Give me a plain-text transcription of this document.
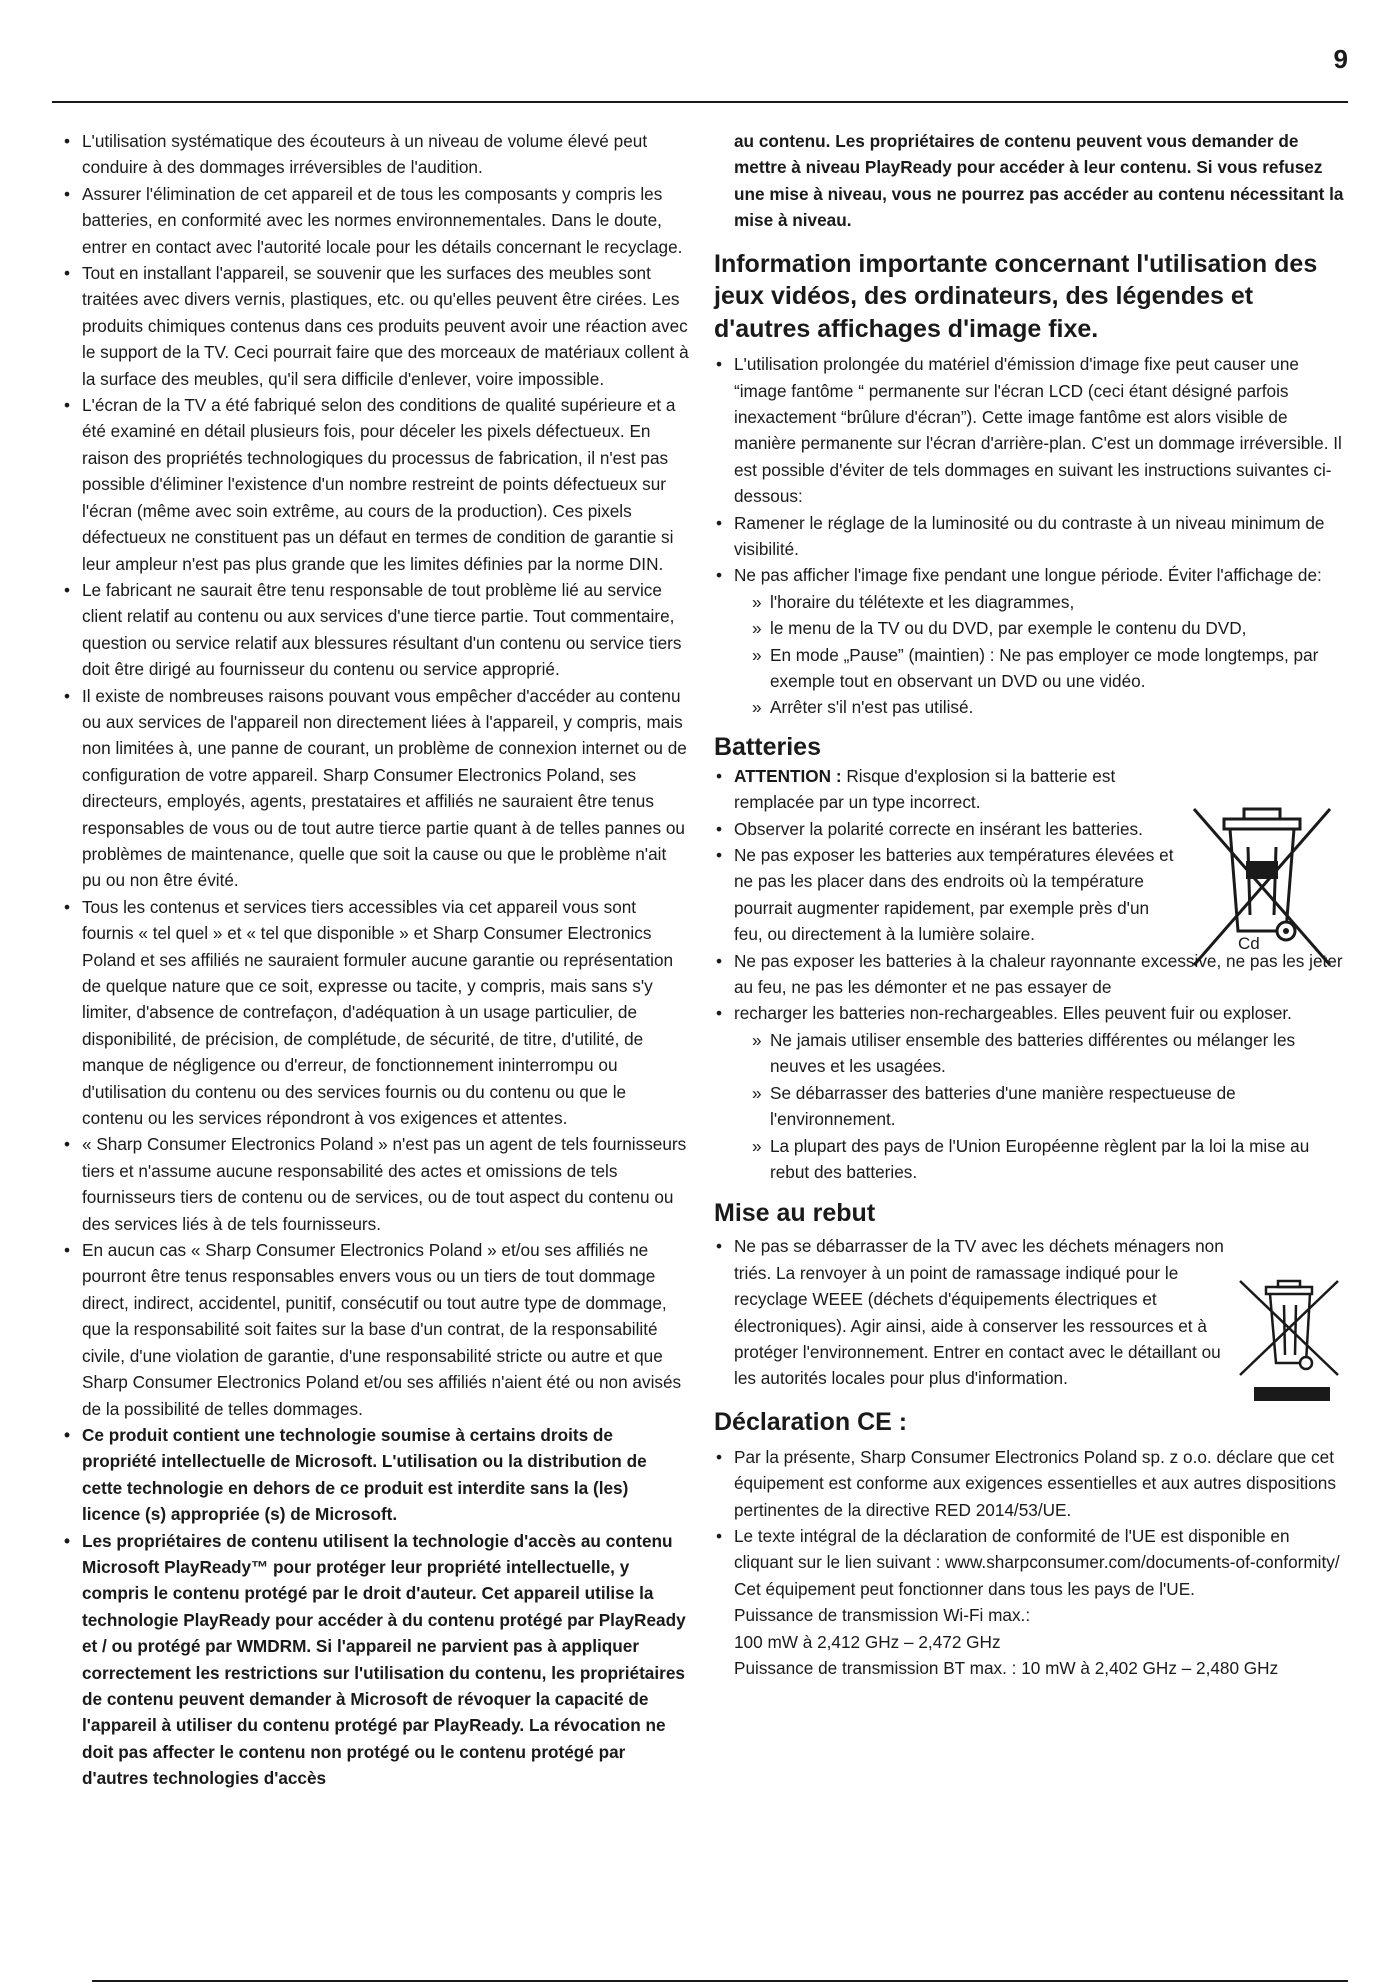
9
• L'utilisation systématique des écouteurs à un niveau de volume élevé peut conduire à des dommages irréversibles de l'audition.
• Assurer l'élimination de cet appareil et de tous les composants y compris les batteries, en conformité avec les normes environnementales. Dans le doute, entrer en contact avec l'autorité locale pour les détails concernant le recyclage.
• Tout en installant l'appareil, se souvenir que les surfaces des meubles sont traitées avec divers vernis, plastiques, etc. ou qu'elles peuvent être cirées. Les produits chimiques contenus dans ces produits peuvent avoir une réaction avec le support de la TV. Ceci pourrait faire que des morceaux de matériaux collent à la surface des meubles, qu'il sera difficile d'enlever, voire impossible.
• L'écran de la TV a été fabriqué selon des conditions de qualité supérieure et a été examiné en détail plusieurs fois, pour déceler les pixels défectueux. En raison des propriétés technologiques du processus de fabrication, il n'est pas possible d'éliminer l'existence d'un nombre restreint de points défectueux sur l'écran (même avec soin extrême, au cours de la production). Ces pixels défectueux ne constituent pas un défaut en termes de condition de garantie si leur ampleur n'est pas plus grande que les limites définies par la norme DIN.
• Le fabricant ne saurait être tenu responsable de tout problème lié au service client relatif au contenu ou aux services d'une tierce partie. Tout commentaire, question ou service relatif aux blessures résultant d'un contenu ou service tiers doit être dirigé au fournisseur du contenu ou service approprié.
• Il existe de nombreuses raisons pouvant vous empêcher d'accéder au contenu ou aux services de l'appareil non directement liées à l'appareil, y compris, mais non limitées à, une panne de courant, un problème de connexion internet ou de configuration de votre appareil. Sharp Consumer Electronics Poland, ses directeurs, employés, agents, prestataires et affiliés ne sauraient être tenus responsables de vous ou de tout autre tierce partie quant à de telles pannes ou problèmes de maintenance, quelle que soit la cause ou que le problème n'ait pu ou non être évité.
• Tous les contenus et services tiers accessibles via cet appareil vous sont fournis « tel quel » et « tel que disponible » et Sharp Consumer Electronics Poland et ses affiliés ne sauraient formuler aucune garantie ou représentation de quelque nature que ce soit, expresse ou tacite, y compris, mais sans s'y limiter, d'absence de contrefaçon, d'adéquation à un usage particulier, de disponibilité, de précision, de complétude, de sécurité, de titre, d'utilité, de manque de négligence ou d'erreur, de fonctionnement ininterrompu ou d'utilisation du contenu ou des services fournis ou du contenu ou que le contenu ou les services répondront à vos exigences et attentes.
• « Sharp Consumer Electronics Poland » n'est pas un agent de tels fournisseurs tiers et n'assume aucune responsabilité des actes et omissions de tels fournisseurs tiers de contenu ou de services, ou de tout aspect du contenu ou des services liés à de tels fournisseurs.
• En aucun cas « Sharp Consumer Electronics Poland » et/ou ses affiliés ne pourront être tenus responsables envers vous ou un tiers de tout dommage direct, indirect, accidentel, punitif, consécutif ou tout autre type de dommage, que la responsabilité soit faites sur la base d'un contrat, de la responsabilité civile, d'une violation de garantie, d'une responsabilité stricte ou autre et que Sharp Consumer Electronics Poland et/ou ses affiliés n'aient été ou non avisés de la possibilité de telles dommages.
• Ce produit contient une technologie soumise à certains droits de propriété intellectuelle de Microsoft. L'utilisation ou la distribution de cette technologie en dehors de ce produit est interdite sans la (les) licence (s) appropriée (s) de Microsoft.
• Les propriétaires de contenu utilisent la technologie d'accès au contenu Microsoft PlayReady™ pour protéger leur propriété intellectuelle, y compris le contenu protégé par le droit d'auteur. Cet appareil utilise la technologie PlayReady pour accéder à du contenu protégé par PlayReady et / ou protégé par WMDRM. Si l'appareil ne parvient pas à appliquer correctement les restrictions sur l'utilisation du contenu, les propriétaires de contenu peuvent demander à Microsoft de révoquer la capacité de l'appareil à utiliser du contenu protégé par PlayReady. La révocation ne doit pas affecter le contenu non protégé ou le contenu protégé par d'autres technologies d'accès

au contenu. Les propriétaires de contenu peuvent vous demander de mettre à niveau PlayReady pour accéder à leur contenu. Si vous refusez une mise à niveau, vous ne pourrez pas accéder au contenu nécessitant la mise à niveau.

Information importante concernant l'utilisation des jeux vidéos, des ordinateurs, des légendes et d'autres affichages d'image fixe.
• L'utilisation prolongée du matériel d'émission d'image fixe peut causer une “image fantôme “ permanente sur l'écran LCD (ceci étant désigné parfois inexactement “brûlure d'écran”). Cette image fantôme est alors visible de manière permanente sur l'écran d'arrière-plan. C'est un dommage irréversible. Il est possible d'éviter de tels dommages en suivant les instructions suivantes ci-dessous:
• Ramener le réglage de la luminosité ou du contraste à un niveau minimum de visibilité.
• Ne pas afficher l'image fixe pendant une longue période. Éviter l'affichage de:
» l'horaire du télétexte et les diagrammes,
» le menu de la TV ou du DVD, par exemple le contenu du DVD,
» En mode „Pause” (maintien) : Ne pas employer ce mode longtemps, par exemple tout en observant un DVD ou une vidéo.
» Arrêter s'il n'est pas utilisé.
Batteries
• ATTENTION : Risque d'explosion si la batterie est remplacée par un type incorrect.
• Observer la polarité correcte en insérant les batteries.
• Ne pas exposer les batteries aux températures élevées et ne pas les placer dans des endroits où la température pourrait augmenter rapidement, par exemple près d'un feu, ou directement à la lumière solaire.
• Ne pas exposer les batteries à la chaleur rayonnante excessive, ne pas les jeter au feu, ne pas les démonter et ne pas essayer de
• recharger les batteries non-rechargeables. Elles peuvent fuir ou exploser.
» Ne jamais utiliser ensemble des batteries différentes ou mélanger les neuves et les usagées.
» Se débarrasser des batteries d'une manière respectueuse de l'environnement.
» La plupart des pays de l'Union Européenne règlent par la loi la mise au rebut des batteries.
Cd
Mise au rebut
• Ne pas se débarrasser de la TV avec les déchets ménagers non triés. La renvoyer à un point de ramassage indiqué pour le recyclage WEEE (déchets d'équipements électriques et électroniques). Agir ainsi, aide à conserver les ressources et à protéger l'environnement. Entrer en contact avec le détaillant ou les autorités locales pour plus d'information.
Déclaration CE :
• Par la présente, Sharp Consumer Electronics Poland sp. z o.o. déclare que cet équipement est conforme aux exigences essentielles et aux autres dispositions pertinentes de la directive RED 2014/53/UE.
• Le texte intégral de la déclaration de conformité de l'UE est disponible en cliquant sur le lien suivant : www.sharpconsumer.com/documents-of-conformity/

Cet équipement peut fonctionner dans tous les pays de l'UE.

Puissance de transmission Wi-Fi max.:

100 mW à 2,412 GHz – 2,472 GHz

Puissance de transmission BT max. : 10 mW à 2,402 GHz – 2,480 GHz
